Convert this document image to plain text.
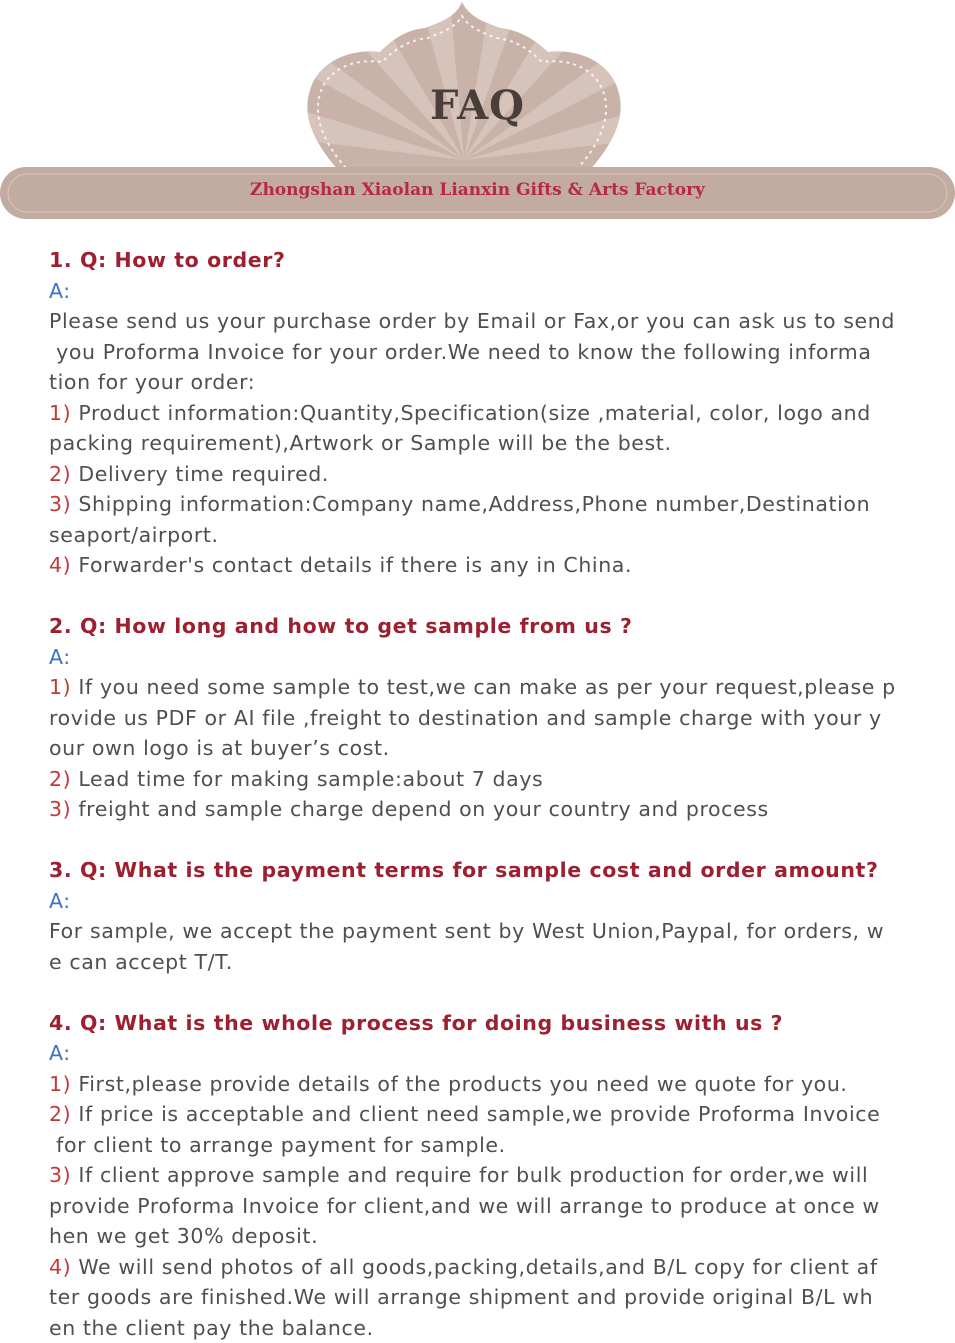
FAQ
Zhongshan Xiaolan Lianxin Gifts & Arts Factory

1. Q: How to order?

A:

Please send us your purchase order by Email or Fax,or you can ask us to send

you Proforma Invoice for your order.We need to know the following informa

tion for your order:

1) Product information:Quantity,Specification(size ,material, color, logo and

packing requirement),Artwork or Sample will be the best.

2) Delivery time required.

3) Shipping information:Company name,Address,Phone number,Destination

seaport/airport.

4) Forwarder's contact details if there is any in China.

2. Q: How long and how to get sample from us ?

A:

1) If you need some sample to test,we can make as per your request,please p

rovide us PDF or AI file ,freight to destination and sample charge with your y

our own logo is at buyer’s cost.

2) Lead time for making sample:about 7 days

3) freight and sample charge depend on your country and process

3. Q: What is the payment terms for sample cost and order amount?

A:

For sample, we accept the payment sent by West Union,Paypal, for orders, w

e can accept T/T.

4. Q: What is the whole process for doing business with us ?

A:

1) First,please provide details of the products you need we quote for you.

2) If price is acceptable and client need sample,we provide Proforma Invoice

for client to arrange payment for sample.

3) If client approve sample and require for bulk production for order,we will

provide Proforma Invoice for client,and we will arrange to produce at once w

hen we get 30% deposit.

4) We will send photos of all goods,packing,details,and B/L copy for client af

ter goods are finished.We will arrange shipment and provide original B/L wh

en the client pay the balance.
